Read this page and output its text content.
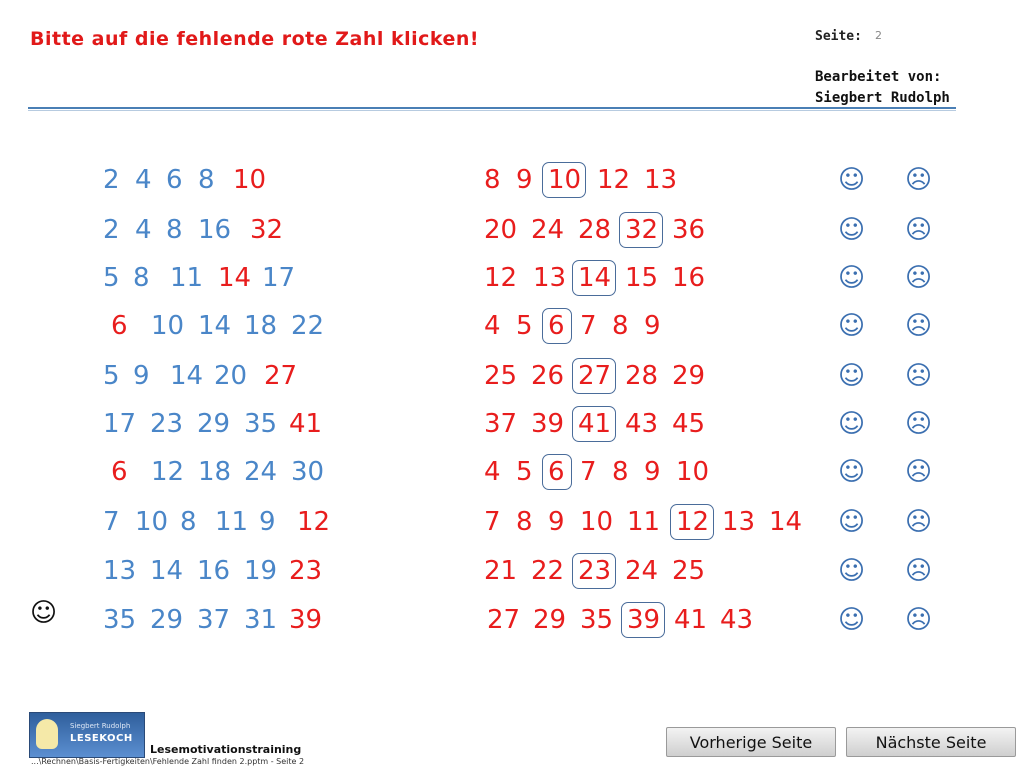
Bitte auf die fehlende rote Zahl klicken!	Seite: 2
Bearbeitet von:
Siegbert Rudolph
2 4 6 8 10	8 9 10 12 13	☺ ☹
2 4 8 16 32	20 24 28 32 36	☺ ☹
5 8 11 14 17	12 13 14 15 16	☺ ☹
6 10 14 18 22	4 5 6 7 8 9	☺ ☹
5 9 14 20 27	25 26 27 28 29	☺ ☹
17 23 29 35 41	37 39 41 43 45	☺ ☹
6 12 18 24 30	4 5 6 7 8 9 10	☺ ☹
7 10 8 11 9 12	7 8 9 10 11 12 13 14 ☺ ☹
13 14 16 19 23	21 22 23 24 25	☺ ☹
35 29 37 31 39	27 29 35 39 41 43	☺ ☹
☺
Siegbert Rudolph
LESEKOCH
Lesemotivationstraining
...\Rechnen\Basis-Fertigkeiten\Fehlende Zahl finden 2.pptm - Seite 2
Vorherige Seite	Nächste Seite
